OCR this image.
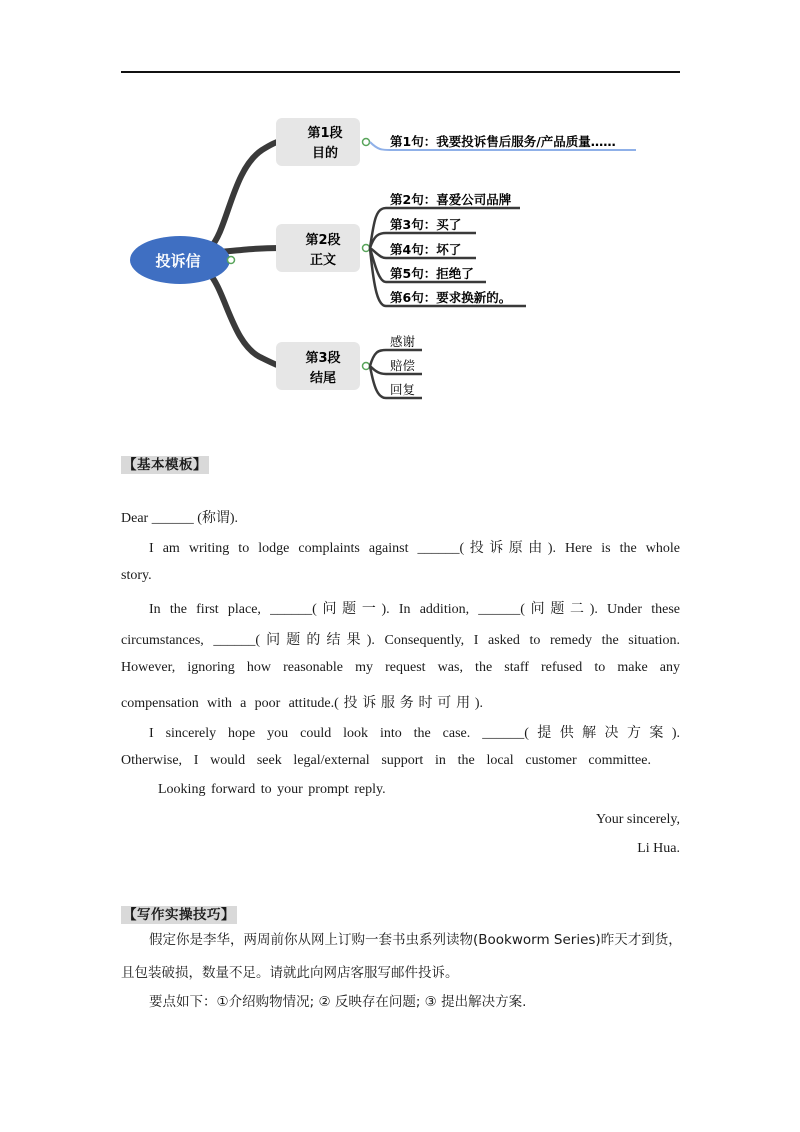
投诉信
第1段
目的
第1句：我要投诉售后服务/产品质量……
第2段
正文
第2句：喜爱公司品牌
第3句：买了
第4句：坏了
第5句：拒绝了
第6句：要求换新的。
第3段
结尾
感谢
赔偿
回复
【基本模板】
Dear ______ (称谓).
I am writing to lodge complaints against ______(投诉原由). Here is the whole
story.
In the first place, ______(问题一). In addition, ______(问题二). Under these
circumstances, ______(问题的结果). Consequently, I asked to remedy the situation.
However, ignoring how reasonable my request was, the staff refused to make any
compensation with a poor attitude.(投诉服务时可用).
I sincerely hope you could look into the case. ______(提供解决方案).
Otherwise, I would seek legal/external support in the local customer committee.
Looking forward to your prompt reply.
Your sincerely,
Li Hua.
【写作实操技巧】
假定你是李华，两周前你从网上订购一套书虫系列读物(Bookworm Series)昨天才到货，
且包装破损，数量不足。请就此向网店客服写邮件投诉。
要点如下：①介绍购物情况; ② 反映存在问题; ③ 提出解决方案.
